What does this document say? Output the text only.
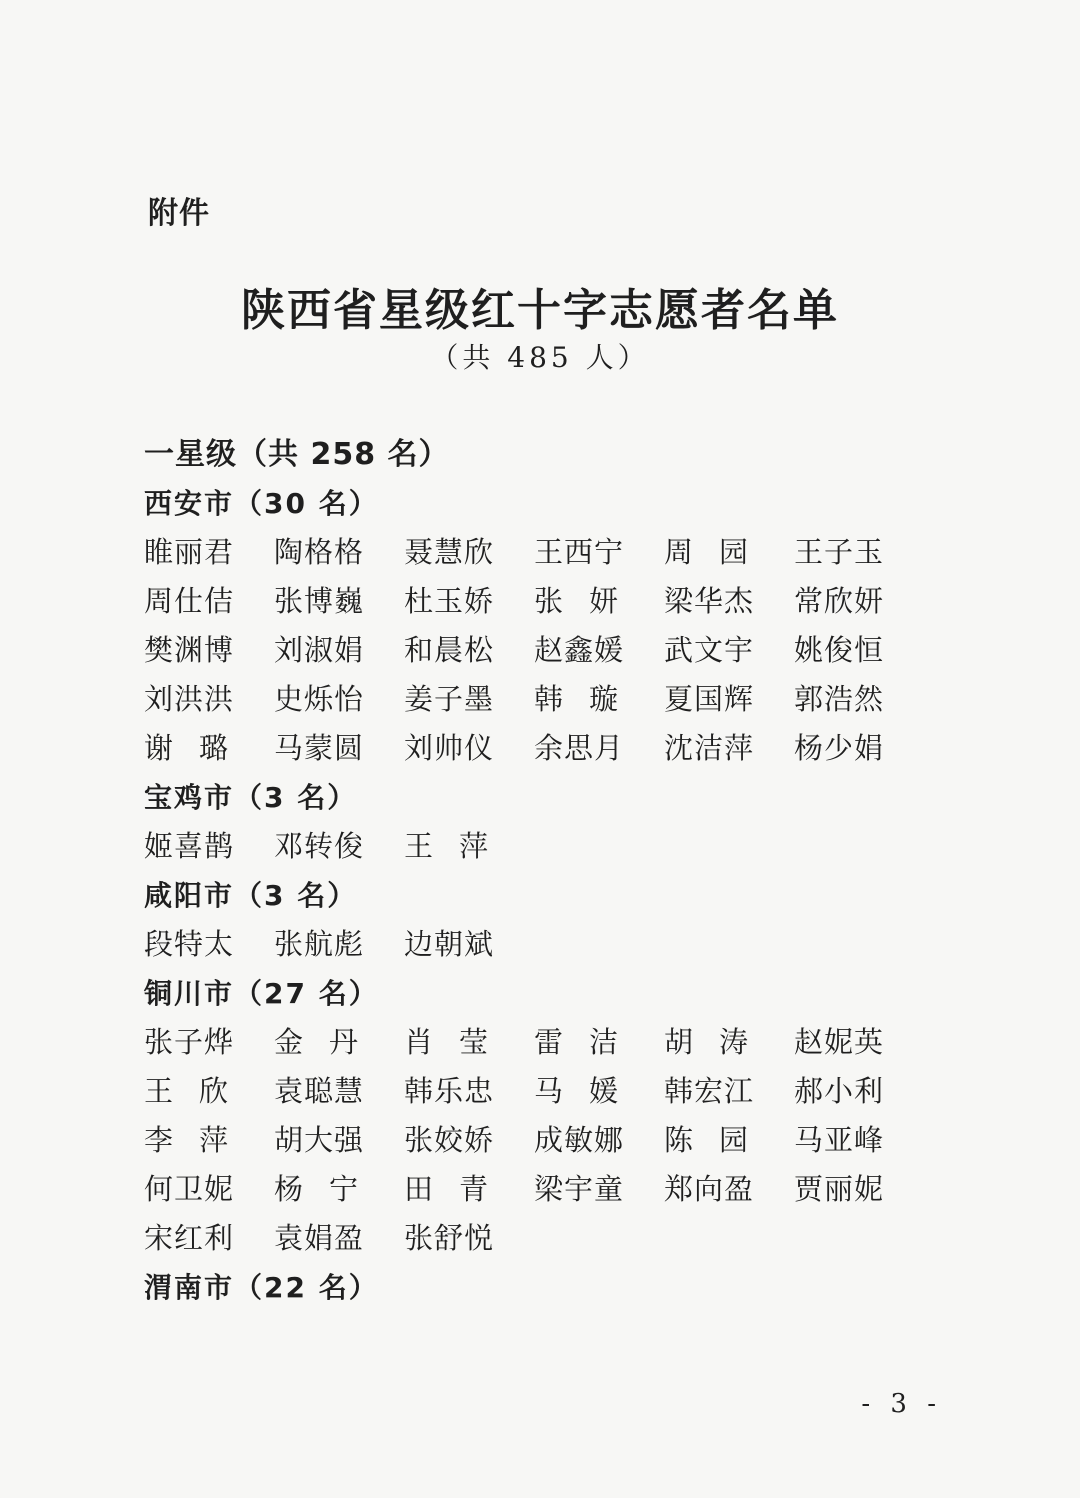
附件
陕西省星级红十字志愿者名单
（共 485 人）
一星级（共 258 名）
西安市（30 名）
睢丽君	陶格格	聂慧欣	王西宁	周 园	王子玉
周仕佶	张博巍	杜玉娇	张 妍	梁华杰	常欣妍
樊渊博	刘淑娟	和晨松	赵鑫媛	武文宇	姚俊恒
刘洪洪	史烁怡	姜子墨	韩 璇	夏国辉	郭浩然
谢 璐	马蒙圆	刘帅仪	余思月	沈洁萍	杨少娟
宝鸡市（3 名）
姬喜鹊	邓转俊	王 萍
咸阳市（3 名）
段特太	张航彪	边朝斌
铜川市（27 名）
张子烨	金 丹	肖 莹	雷 洁	胡 涛	赵妮英
王 欣	袁聪慧	韩乐忠	马 媛	韩宏江	郝小利
李 萍	胡大强	张姣娇	成敏娜	陈 园	马亚峰
何卫妮	杨 宁	田 青	梁宇童	郑向盈	贾丽妮
宋红利	袁娟盈	张舒悦
渭南市（22 名）
- 3 -
